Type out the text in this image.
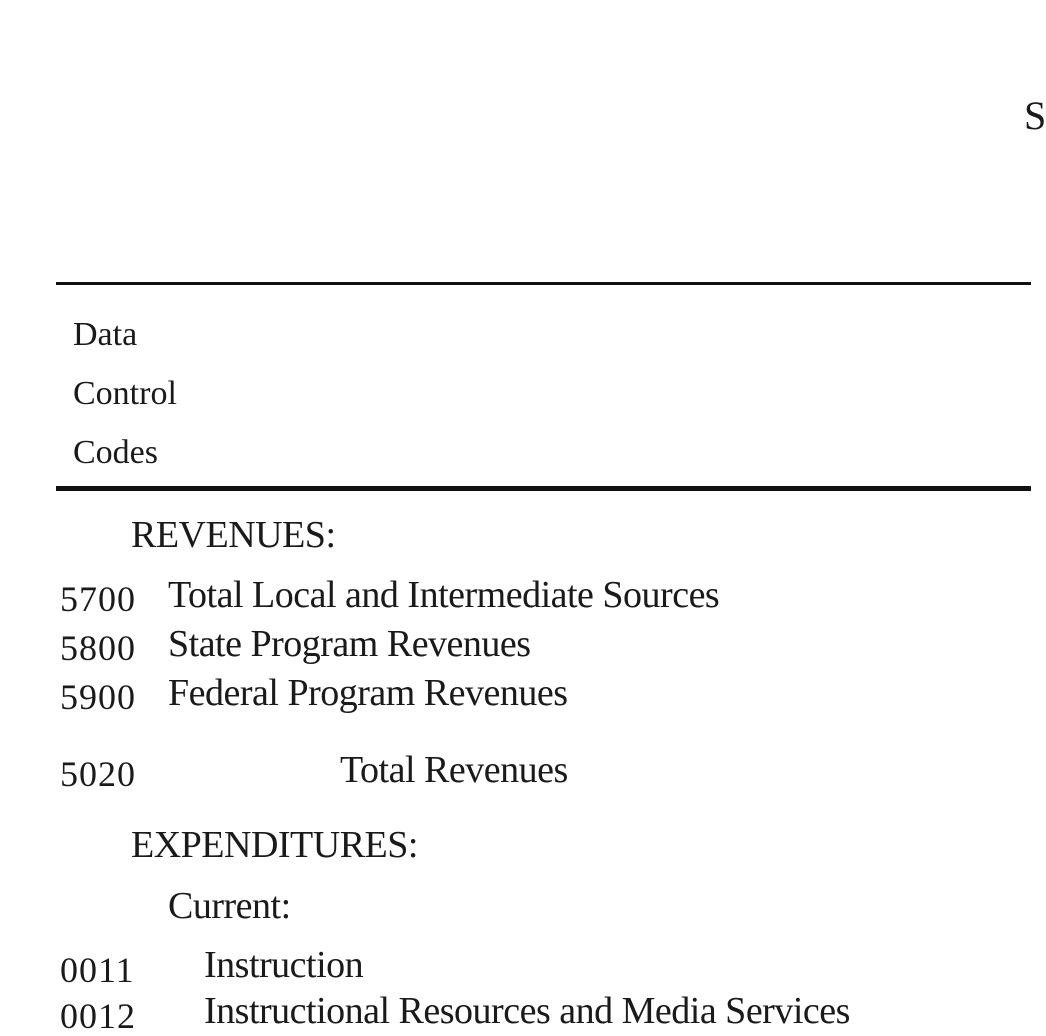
S
Data
Control
Codes
REVENUES:
5700 Total Local and Intermediate Sources
5800 State Program Revenues
5900 Federal Program Revenues
5020	Total Revenues
EXPENDITURES:
Current:
0011 Instruction
0012 Instructional Resources and Media Services
